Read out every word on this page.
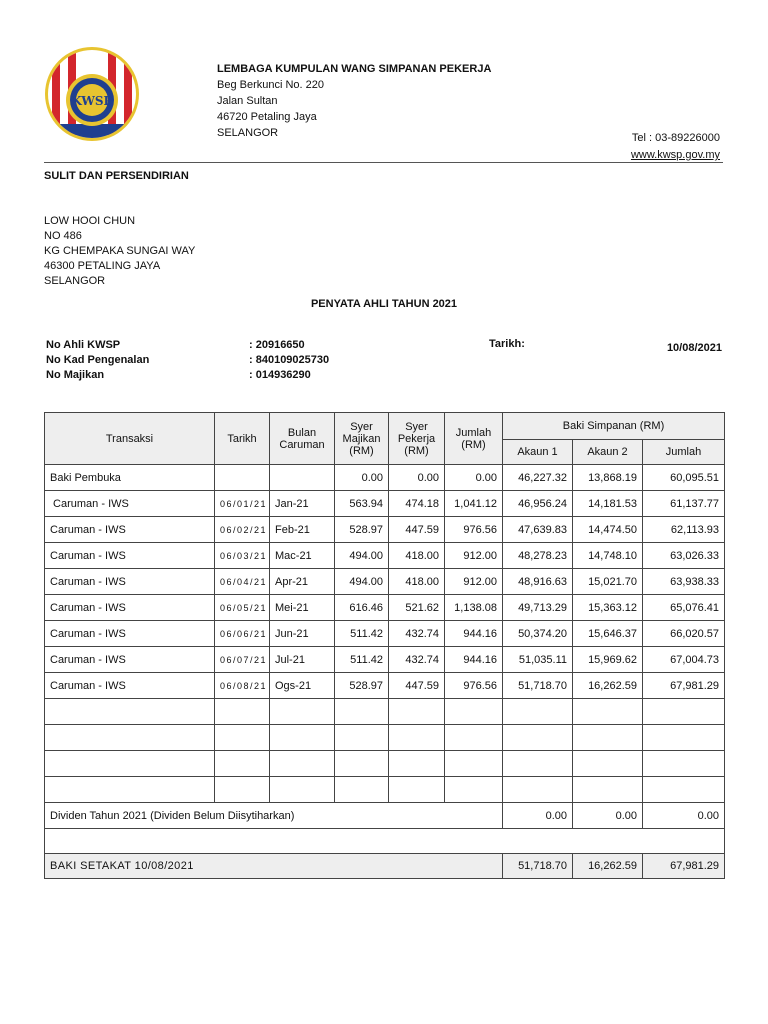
KWSP
LEMBAGA KUMPULAN WANG SIMPANAN PEKERJA
Beg Berkunci No. 220
Jalan Sultan
46720 Petaling Jaya
SELANGOR	Tel : 03-89226000
www.kwsp.gov.my
SULIT DAN PERSENDIRIAN
LOW HOOI CHUN
NO 486
KG CHEMPAKA SUNGAI WAY
46300 PETALING JAYA
SELANGOR
PENYATA AHLI TAHUN 2021
No Ahli KWSP	: 20916650
No Kad Pengenalan	: 840109025730
No Majikan	: 014936290
Tarikh:	10/08/2021
Transaksi	Tarikh	Bulan Caruman	Syer Majikan (RM)	Syer Pekerja (RM)	Jumlah (RM)	Baki Simpanan (RM)		
						Akaun 1	Akaun 2	Jumlah
Baki Pembuka			0.00	0.00	0.00	46,227.32	13,868.19	60,095.51
Caruman - IWS	06/01/21	Jan-21	563.94	474.18	1,041.12	46,956.24	14,181.53	61,137.77
Caruman - IWS	06/02/21	Feb-21	528.97	447.59	976.56	47,639.83	14,474.50	62,113.93
Caruman - IWS	06/03/21	Mac-21	494.00	418.00	912.00	48,278.23	14,748.10	63,026.33
Caruman - IWS	06/04/21	Apr-21	494.00	418.00	912.00	48,916.63	15,021.70	63,938.33
Caruman - IWS	06/05/21	Mei-21	616.46	521.62	1,138.08	49,713.29	15,363.12	65,076.41
Caruman - IWS	06/06/21	Jun-21	511.42	432.74	944.16	50,374.20	15,646.37	66,020.57
Caruman - IWS	06/07/21	Jul-21	511.42	432.74	944.16	51,035.11	15,969.62	67,004.73
Caruman - IWS	06/08/21	Ogs-21	528.97	447.59	976.56	51,718.70	16,262.59	67,981.29

Dividen Tahun 2021 (Dividen Belum Diisytiharkan)						0.00	0.00	0.00

BAKI SETAKAT 10/08/2021						51,718.70	16,262.59	67,981.29
